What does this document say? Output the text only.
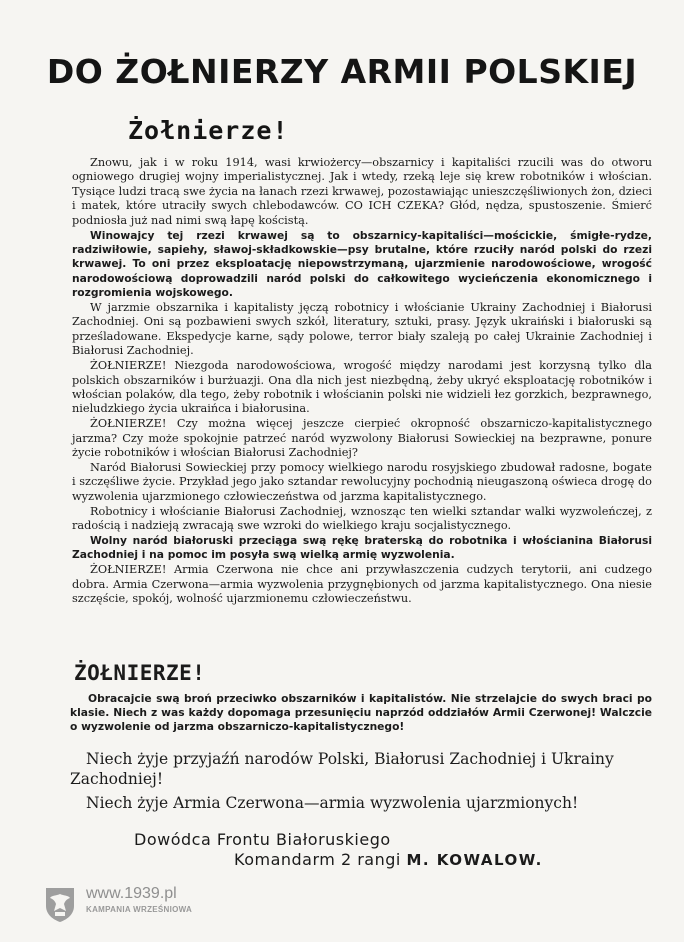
DO ŻOŁNIERZY ARMII POLSKIEJ
Żołnierze!

Znowu, jak i w roku 1914, wasi krwiożercy—obszarnicy i kapitaliści rzucili was do otworu ogniowego drugiej wojny imperialistycznej. Jak i wtedy, rzeką leje się krew robotników i włościan. Tysiące ludzi tracą swe życia na łanach rzezi krwawej, pozostawiając unieszczęśliwionych żon, dzieci i matek, które utraciły swych chlebodawców. CO ICH CZEKA? Głód, nędza, spustoszenie. Śmierć podniosła już nad nimi swą łapę kościstą.

Winowajcy tej rzezi krwawej są to obszarnicy-kapitaliści—mościckie, śmigłe-rydze, radziwiłowie, sapiehy, sławoj-składkowskie—psy brutalne, które rzuciły naród polski do rzezi krwawej. To oni przez eksploatację niepowstrzymaną, ujarzmienie narodowościowe, wrogość narodowościową doprowadzili naród polski do całkowitego wycieńczenia ekonomicznego i rozgromienia wojskowego.

W jarzmie obszarnika i kapitalisty jęczą robotnicy i włościanie Ukrainy Zachodniej i Białorusi Zachodniej. Oni są pozbawieni swych szkół, literatury, sztuki, prasy. Język ukraiński i białoruski są prześladowane. Ekspedycje karne, sądy polowe, terror biały szaleją po całej Ukrainie Zachodniej i Białorusi Zachodniej.

ŻOŁNIERZE! Niezgoda narodowościowa, wrogość między narodami jest korzysną tylko dla polskich obszarników i burżuazji. Ona dla nich jest niezbędną, żeby ukryć eksploatację robotników i włościan polaków, dla tego, żeby robotnik i włościanin polski nie widzieli łez gorzkich, bezprawnego, nieludzkiego życia ukraińca i białorusina.

ŻOŁNIERZE! Czy można więcej jeszcze cierpieć okropność obszarniczo-kapitalistycznego jarzma? Czy może spokojnie patrzeć naród wyzwolony Białorusi Sowieckiej na bezprawne, ponure życie robotników i włościan Białorusi Zachodniej?

Naród Białorusi Sowieckiej przy pomocy wielkiego narodu rosyjskiego zbudował radosne, bogate i szczęśliwe życie. Przykład jego jako sztandar rewolucyjny pochodnią nieugaszoną oświeca drogę do wyzwolenia ujarzmionego człowieczeństwa od jarzma kapitalistycznego.

Robotnicy i włościanie Białorusi Zachodniej, wznosząc ten wielki sztandar walki wyzwoleńczej, z radością i nadzieją zwracają swe wzroki do wielkiego kraju socjalistycznego.

Wolny naród białoruski przeciąga swą rękę braterską do robotnika i włościanina Białorusi Zachodniej i na pomoc im posyła swą wielką armię wyzwolenia.

ŻOŁNIERZE! Armia Czerwona nie chce ani przywłaszczenia cudzych terytorii, ani cudzego dobra. Armia Czerwona—armia wyzwolenia przygnębionych od jarzma kapitalistycznego. Ona niesie szczęście, spokój, wolność ujarzmionemu człowieczeństwu.

ŻOŁNIERZE!
Obracajcie swą broń przeciwko obszarników i kapitalistów. Nie strzelajcie do swych braci po klasie. Niech z was każdy dopomaga przesunięciu naprzód oddziałów Armii Czerwonej! Walczcie o wyzwolenie od jarzma obszarniczo-kapitalistycznego!
Niech żyje przyjaźń narodów Polski, Białorusi Zachodniej i Ukrainy Zachodniej!
Niech żyje Armia Czerwona—armia wyzwolenia ujarzmionych!
Dowódca Frontu Białoruskiego
Komandarm 2 rangi M. KOWALOW.
www.1939.pl
KAMPANIA WRZEŚNIOWA
